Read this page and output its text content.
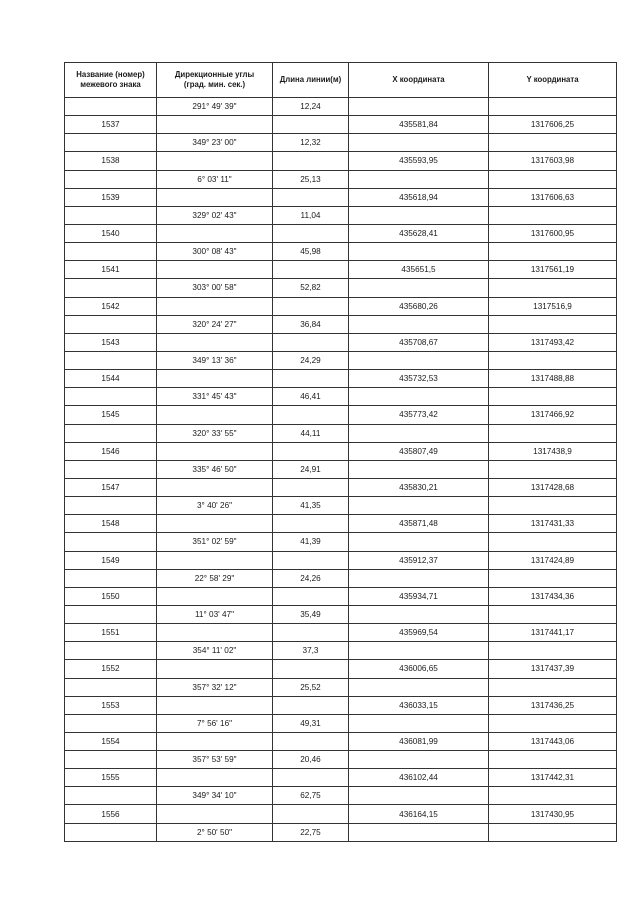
Название (номер)
межевого знака	Дирекционные углы
(град. мин. сек.)	Длина линии(м)	X координата	Y координата
	291° 49' 39"	12,24		
1537			435581,84	1317606,25
	349° 23' 00"	12,32		
1538			435593,95	1317603,98
	6° 03' 11"	25,13		
1539			435618,94	1317606,63
	329° 02' 43"	11,04		
1540			435628,41	1317600,95
	300° 08' 43"	45,98		
1541			435651,5	1317561,19
	303° 00' 58"	52,82		
1542			435680,26	1317516,9
	320° 24' 27"	36,84		
1543			435708,67	1317493,42
	349° 13' 36"	24,29		
1544			435732,53	1317488,88
	331° 45' 43"	46,41		
1545			435773,42	1317466,92
	320° 33' 55"	44,11		
1546			435807,49	1317438,9
	335° 46' 50"	24,91		
1547			435830,21	1317428,68
	3° 40' 26"	41,35		
1548			435871,48	1317431,33
	351° 02' 59"	41,39		
1549			435912,37	1317424,89
	22° 58' 29"	24,26		
1550			435934,71	1317434,36
	11° 03' 47"	35,49		
1551			435969,54	1317441,17
	354° 11' 02"	37,3		
1552			436006,65	1317437,39
	357° 32' 12"	25,52		
1553			436033,15	1317436,25
	7° 56' 16"	49,31		
1554			436081,99	1317443,06
	357° 53' 59"	20,46		
1555			436102,44	1317442,31
	349° 34' 10"	62,75		
1556			436164,15	1317430,95
	2° 50' 50"	22,75		
